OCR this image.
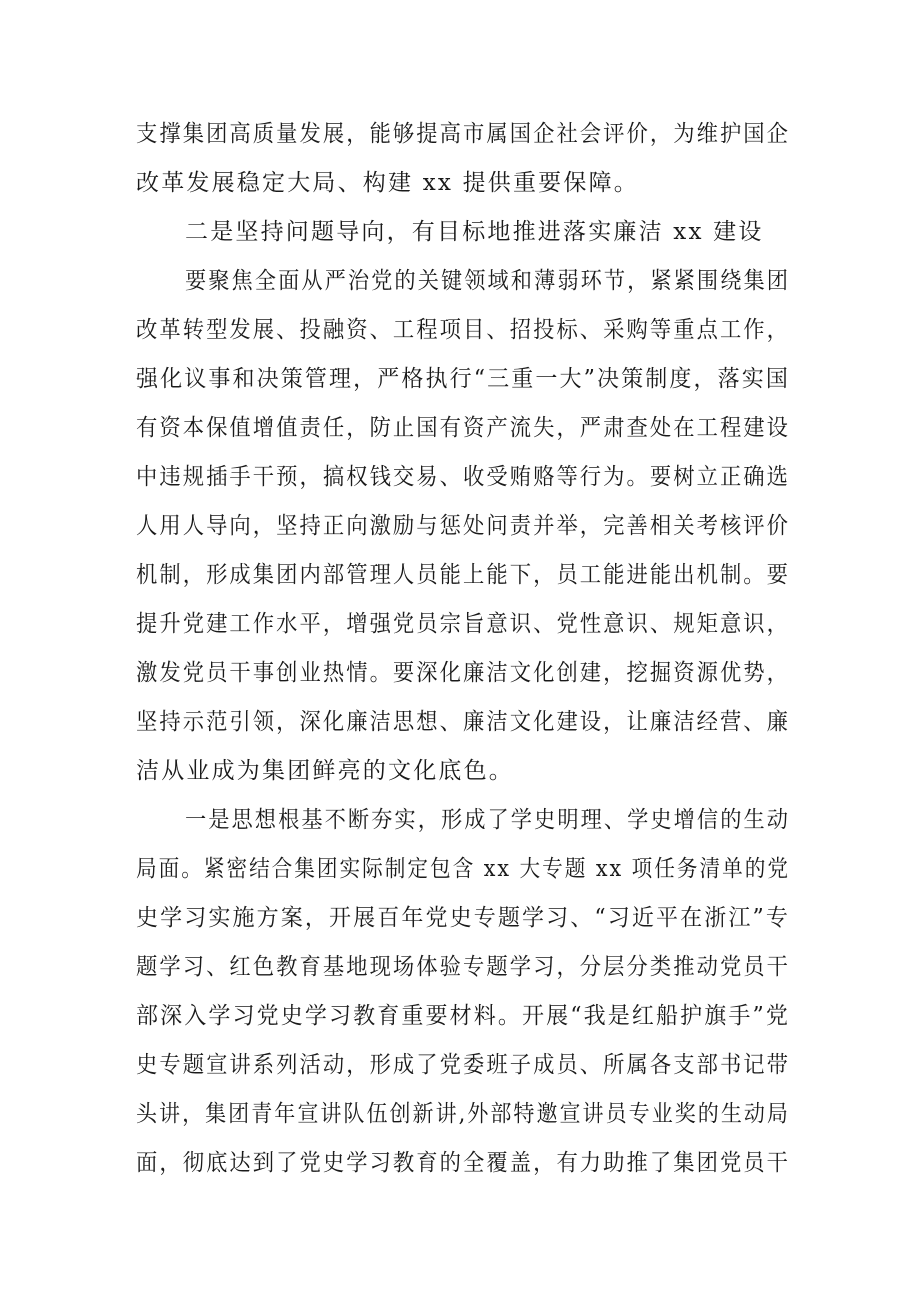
支撑集团高质量发展，能够提高市属国企社会评价，为维护国企
改革发展稳定大局、构建 xx 提供重要保障。
二是坚持问题导向，有目标地推进落实廉洁 xx 建设
要聚焦全面从严治党的关键领域和薄弱环节，紧紧围绕集团
改革转型发展、投融资、工程项目、招投标、采购等重点工作，
强化议事和决策管理，严格执行“三重一大”决策制度，落实国
有资本保值增值责任，防止国有资产流失，严肃查处在工程建设
中违规插手干预，搞权钱交易、收受贿赂等行为。要树立正确选
人用人导向，坚持正向激励与惩处问责并举，完善相关考核评价
机制，形成集团内部管理人员能上能下，员工能进能出机制。要
提升党建工作水平，增强党员宗旨意识、党性意识、规矩意识，
激发党员干事创业热情。要深化廉洁文化创建，挖掘资源优势，
坚持示范引领，深化廉洁思想、廉洁文化建设，让廉洁经营、廉
洁从业成为集团鲜亮的文化底色。
一是思想根基不断夯实，形成了学史明理、学史增信的生动
局面。紧密结合集团实际制定包含 xx 大专题 xx 项任务清单的党
史学习实施方案，开展百年党史专题学习、“习近平在浙江”专
题学习、红色教育基地现场体验专题学习，分层分类推动党员干
部深入学习党史学习教育重要材料。开展“我是红船护旗手”党
史专题宣讲系列活动，形成了党委班子成员、所属各支部书记带
头讲，集团青年宣讲队伍创新讲,外部特邀宣讲员专业奖的生动局
面，彻底达到了党史学习教育的全覆盖，有力助推了集团党员干
